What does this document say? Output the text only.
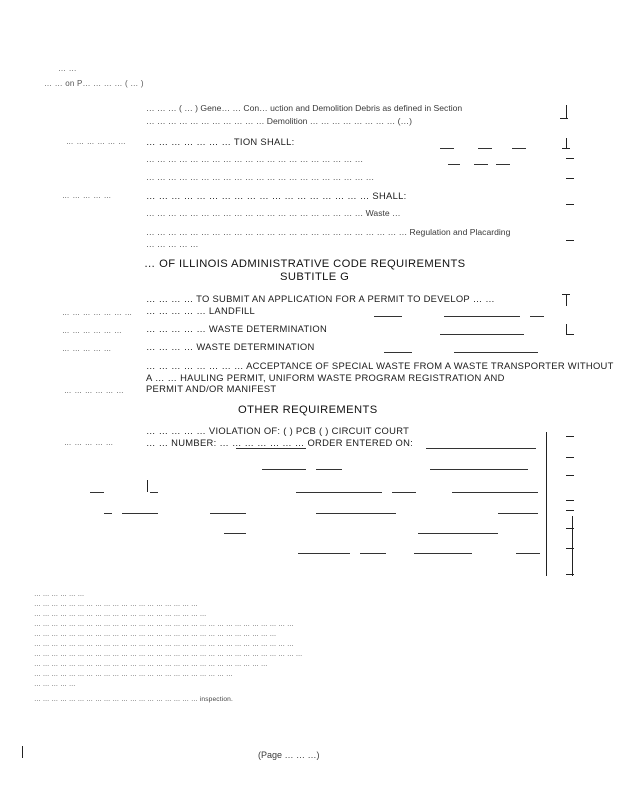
… …
… … on P… … … … ( … )
… … … ( … ) Gene… … Con… uction and Demolition Debris as defined in Section
… … … … … … … … … … … Demolition … … … … … … … … (…)
… … … … … … … … … … … … … TION SHALL:
… … … … … … … … … … … … … … … … … … … …
… … … … … … … … … … … … … … … … … … … … …
… … … … …	… … … … … … … … … … … … … … … … … … SHALL:
… … … … … … … … … … … … … … … … … … … … Waste …
… … … … … … … … … … … … … … … … … … … … … … … … Regulation and Placarding
… … … … …
… OF ILLINOIS ADMINISTRATIVE CODE REQUIREMENTS
SUBTITLE G
… … … … TO SUBMIT AN APPLICATION FOR A PERMIT TO DEVELOP … …
… … … … … LANDFILL
… … … … … … …
… … … … … …	… … … … … WASTE DETERMINATION
… … … … …	… … … … WASTE DETERMINATION
… … … … … … … … ACCEPTANCE OF SPECIAL WASTE FROM A WASTE TRANSPORTER WITHOUT
A … … HAULING PERMIT, UNIFORM WASTE PROGRAM REGISTRATION AND
PERMIT AND/OR MANIFEST
… … … … … …
OTHER REQUIREMENTS
… … … … … VIOLATION OF: ( ) PCB ( ) CIRCUIT COURT
… … … … …	… … NUMBER: … … … … … … … ORDER ENTERED ON:
… … … … … …
… … … … … … … … … … … … … … … … … … …
… … … … … … … … … … … … … … … … … … … …
… … … … … … … … … … … … … … … … … … … … … … … … … … … … … …
… … … … … … … … … … … … … … … … … … … … … … … … … … … …
… … … … … … … … … … … … … … … … … … … … … … … … … … … … … …
… … … … … … … … … … … … … … … … … … … … … … … … … … … … … … …
… … … … … … … … … … … … … … … … … … … … … … … … … … …
… … … … … … … … … … … … … … … … … … … … … … …
… … … … …
… … … … … … … … … … … … … … … … … … … inspection.
(Page … … …)
